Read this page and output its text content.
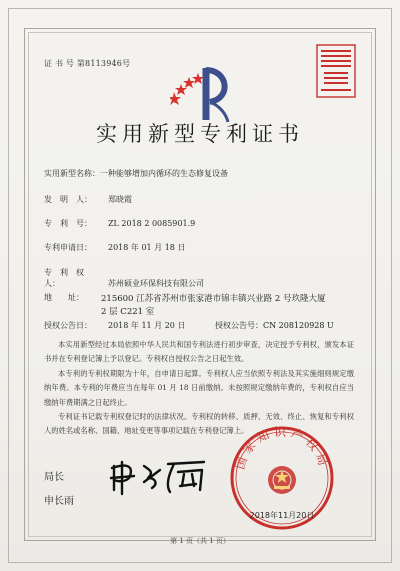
证 书 号 第8113946号
实用新型专利证书
实用新型名称：一种能够增加内循环的生态修复设备
发　明　人： 郑晓霞
专　利　号： ZL 2018 2 0085901.9
专利申请日： 2018 年 01 月 18 日
专　利　权　人：	苏州硕业环保科技有限公司
地　　址：	215600 江苏省苏州市张家港市锦丰镇兴业路 2 号玖隆大厦
2 层 C221 室
授权公告日： 2018 年 11 月 20 日	授权公告号：CN 208120928 U
本实用新型经过本局依照中华人民共和国专利法进行初步审查，决定授予专利权，颁发本证书并在专利登记簿上予以登记。专利权自授权公告之日起生效。
本专利的专利权期限为十年，自申请日起算。专利权人应当依照专利法及其实施细则规定缴纳年费。本专利的年费应当在每年 01 月 18 日前缴纳。未按照规定缴纳年费的，专利权自应当缴纳年费期满之日起终止。
专利证书记载专利权登记时的法律状况。专利权的转移、质押、无效、终止、恢复和专利权人的姓名或名称、国籍、地址变更等事项记载在专利登记簿上。
局长
国家知识产权局
2018年11月20日
申长雨
第 1 页（共 1 页）
